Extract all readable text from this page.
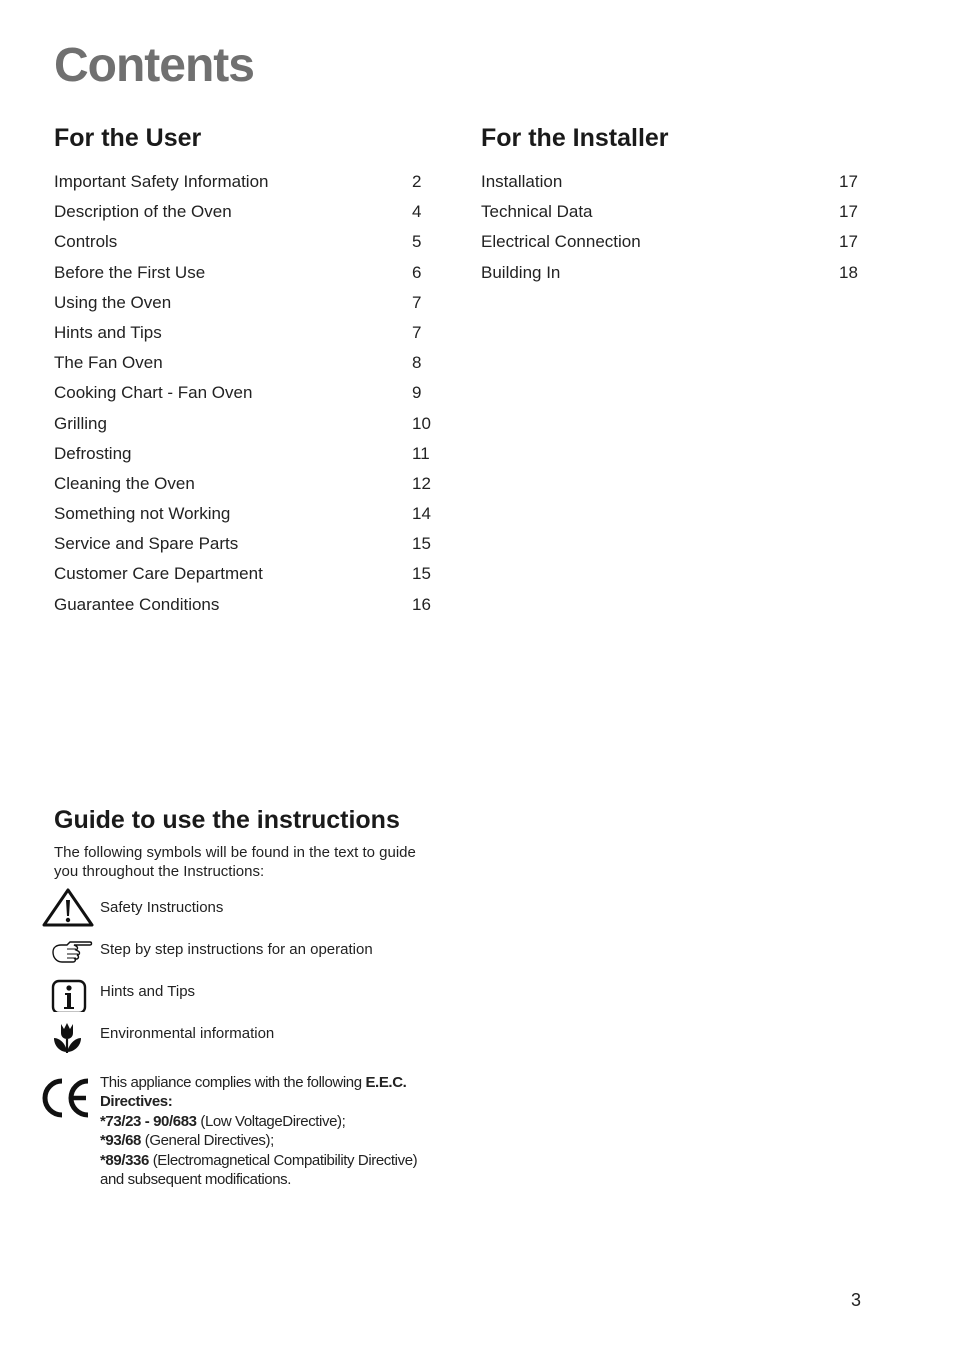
Contents
For the User	For the Installer
Important Safety Information	2
Description of the Oven	4
Controls	5
Before the First Use	6
Using the Oven	7
Hints and Tips	7
The Fan Oven	8
Cooking Chart - Fan Oven	9
Grilling	10
Defrosting	11
Cleaning the Oven	12
Something not Working	14
Service and Spare Parts	15
Customer Care Department	15
Guarantee Conditions	16
Installation	17
Technical Data	17
Electrical Connection	17
Building In	18
Guide to use the instructions
The following symbols will be found in the text to guide you throughout the Instructions:
Safety Instructions
Step by step instructions for an operation
Hints and Tips
Environmental information
This appliance complies with the following E.E.C. Directives:
*73/23 - 90/683 (Low VoltageDirective);
*93/68 (General Directives);
*89/336 (Electromagnetical Compatibility Directive)
and subsequent modifications.
3
